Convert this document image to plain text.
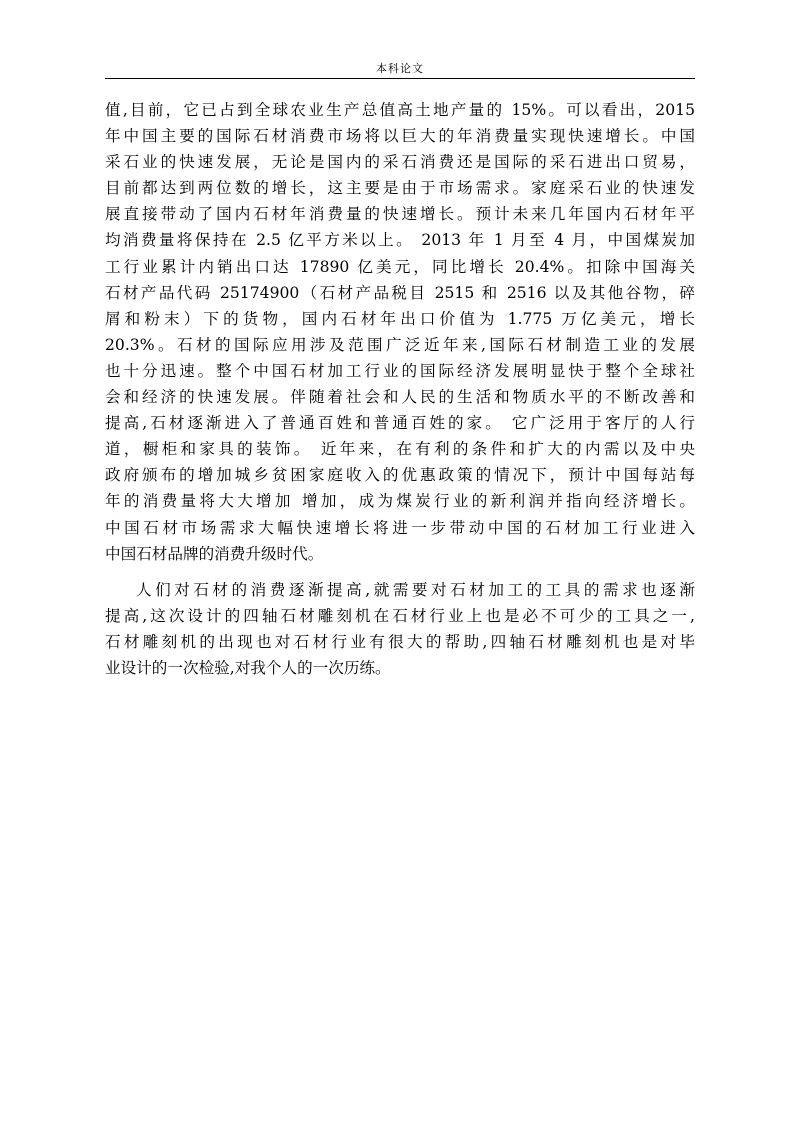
本科论文
值,目前，它已占到全球农业生产总值高土地产量的 15%。可以看出，2015
年中国主要的国际石材消费市场将以巨大的年消费量实现快速增长。中国
采石业的快速发展，无论是国内的采石消费还是国际的采石进出口贸易，
目前都达到两位数的增长，这主要是由于市场需求。家庭采石业的快速发
展直接带动了国内石材年消费量的快速增长。预计未来几年国内石材年平
均消费量将保持在 2.5 亿平方米以上。 2013 年 1 月至 4 月，中国煤炭加
工行业累计内销出口达 17890 亿美元，同比增长 20.4%。扣除中国海关
石材产品代码 25174900（石材产品税目 2515 和 2516 以及其他谷物，碎
屑和粉末）下的货物，国内石材年出口价值为 1.775 万亿美元，增长
20.3%。石材的国际应用涉及范围广泛近年来,国际石材制造工业的发展
也十分迅速。整个中国石材加工行业的国际经济发展明显快于整个全球社
会和经济的快速发展。伴随着社会和人民的生活和物质水平的不断改善和
提高,石材逐渐进入了普通百姓和普通百姓的家。 它广泛用于客厅的人行
道，橱柜和家具的装饰。 近年来，在有利的条件和扩大的内需以及中央
政府颁布的增加城乡贫困家庭收入的优惠政策的情况下，预计中国每站每
年的消费量将大大增加 增加，成为煤炭行业的新利润并指向经济增长。
中国石材市场需求大幅快速增长将进一步带动中国的石材加工行业进入
中国石材品牌的消费升级时代。
人们对石材的消费逐渐提高,就需要对石材加工的工具的需求也逐渐
提高,这次设计的四轴石材雕刻机在石材行业上也是必不可少的工具之一,
石材雕刻机的出现也对石材行业有很大的帮助,四轴石材雕刻机也是对毕
业设计的一次检验,对我个人的一次历练。
